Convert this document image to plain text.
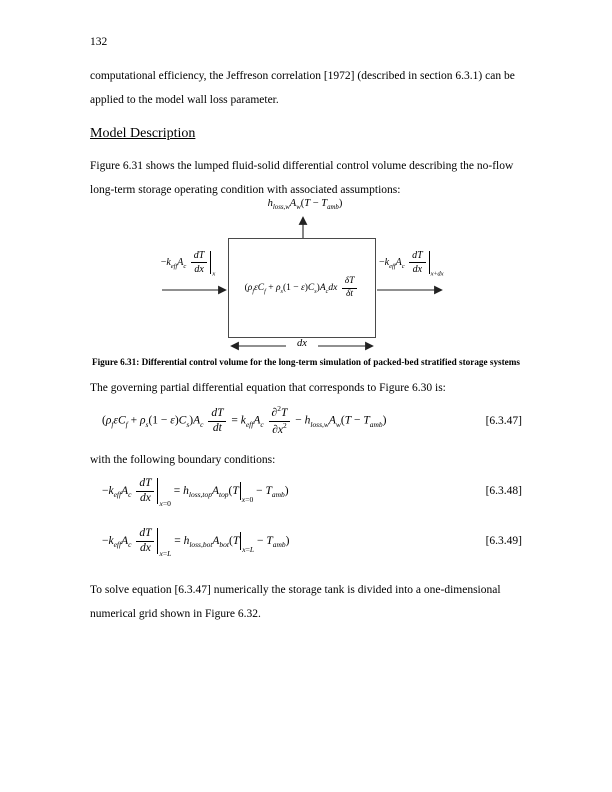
132

computational efficiency, the Jeffreson correlation [1972] (described in section 6.3.1) can be applied to the model wall loss parameter.

Model Description

Figure 6.31 shows the lumped fluid-solid differential control volume describing the no-flow long-term storage operating condition with associated assumptions:

$h_{loss,w}A_w(T - T_{amb})$
$(\rho_f\varepsilon C_f + \rho_s(1 - \varepsilon)C_s)A_cdx \frac{\delta T}{\delta t}$
$-k_{eff}A_c \frac{dT}{dx}$ x
$-k_{eff}A_c \frac{dT}{dx} x+dx$
dx
Figure 6.31: Differential control volume for the long-term simulation of packed-bed stratified storage systems

The governing partial differential equation that corresponds to Figure 6.30 is:

$(\rho_f\varepsilon C_f + \rho_s(1 - \varepsilon)C_s)A_c \frac{dT}{dt} = k_{eff}A_c \frac{\partial^2T}{\partial x^2} - h_{loss,w}A_w(T - T_{amb})$	[6.3.47]

with the following boundary conditions:

$-k_{eff}A_c \frac{dT}{dx} x=0$
= $h_{loss,top}A_{top}(T$
x=0
− $T_{amb}$)	[6.3.48]
$-k_{eff}A_c \frac{dT}{dx} x=L$
= $h_{loss,bot}A_{bot}(T$
x=L
− $T_{amb}$)	[6.3.49]

To solve equation [6.3.47] numerically the storage tank is divided into a one-dimensional numerical grid shown in Figure 6.32.
